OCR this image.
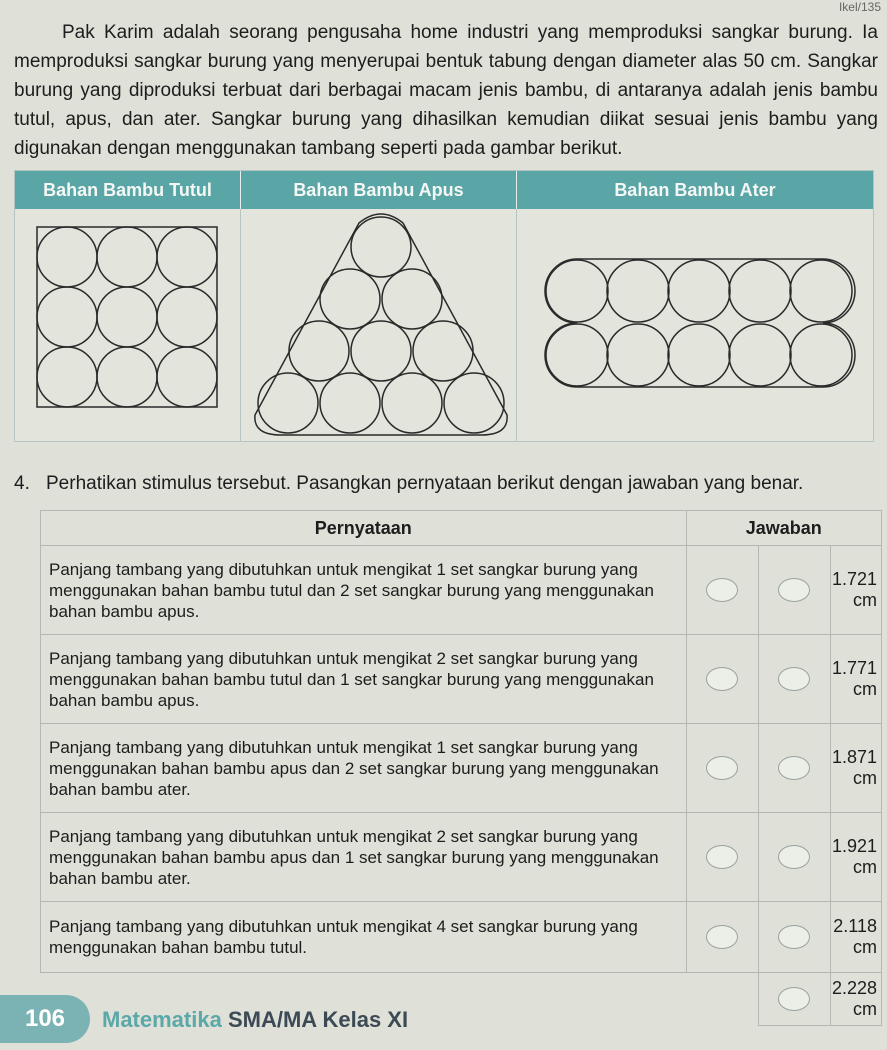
Ikel/135

Pak Karim adalah seorang pengusaha home industri yang memproduksi sangkar burung. Ia memproduksi sangkar burung yang menyerupai bentuk tabung dengan diameter alas 50 cm. Sangkar burung yang diproduksi terbuat dari berbagai macam jenis bambu, di antaranya adalah jenis bambu tutul, apus, dan ater. Sangkar burung yang dihasilkan kemudian diikat sesuai jenis bambu yang digunakan dengan menggunakan tambang seperti pada gambar berikut.

Bahan Bambu Tutul	Bahan Bambu Apus	Bahan Bambu Ater
4. Perhatikan stimulus tersebut. Pasangkan pernyataan berikut dengan jawaban yang benar.
Pernyataan	Jawaban		
Panjang tambang yang dibutuhkan untuk mengikat 1 set sangkar burung yang menggunakan bahan bambu tutul dan 2 set sangkar burung yang menggunakan bahan bambu apus.			1.721 cm
Panjang tambang yang dibutuhkan untuk mengikat 2 set sangkar burung yang menggunakan bahan bambu tutul dan 1 set sangkar burung yang menggunakan bahan bambu apus.			1.771 cm
Panjang tambang yang dibutuhkan untuk mengikat 1 set sangkar burung yang menggunakan bahan bambu apus dan 2 set sangkar burung yang menggunakan bahan bambu ater.			1.871 cm
Panjang tambang yang dibutuhkan untuk mengikat 2 set sangkar burung yang menggunakan bahan bambu apus dan 1 set sangkar burung yang menggunakan bahan bambu ater.			1.921 cm
Panjang tambang yang dibutuhkan untuk mengikat 4 set sangkar burung yang menggunakan bahan bambu tutul.			2.118 cm
			2.228 cm
106	Matematika SMA/MA Kelas XI
